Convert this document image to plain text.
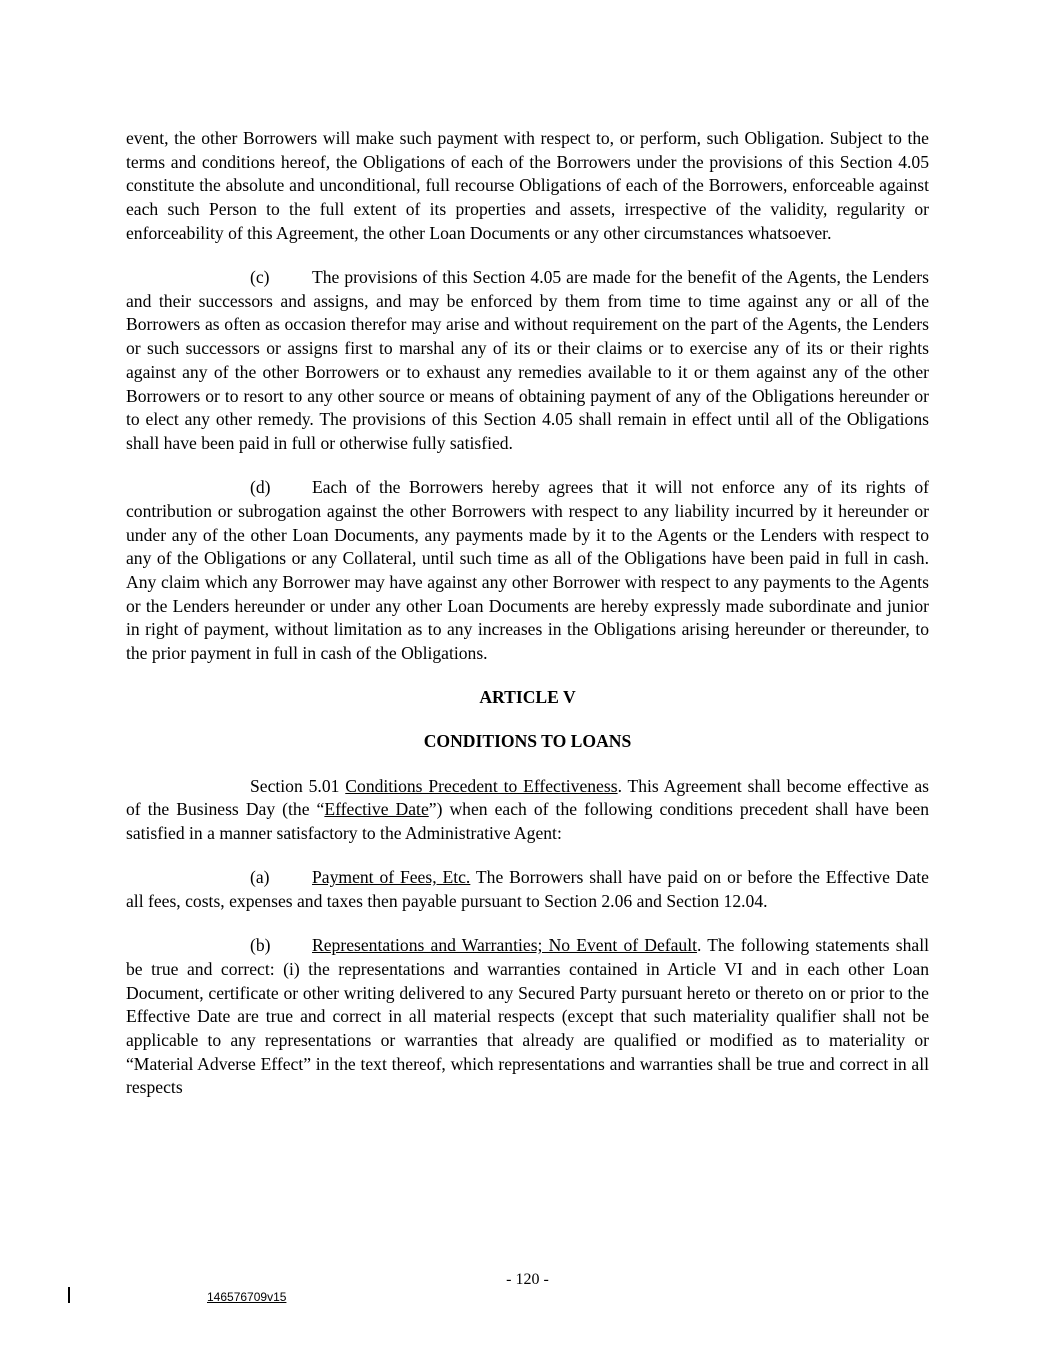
event, the other Borrowers will make such payment with respect to, or perform, such Obligation. Subject to the terms and conditions hereof, the Obligations of each of the Borrowers under the provisions of this Section 4.05 constitute the absolute and unconditional, full recourse Obligations of each of the Borrowers, enforceable against each such Person to the full extent of its properties and assets, irrespective of the validity, regularity or enforceability of this Agreement, the other Loan Documents or any other circumstances whatsoever.

(c) The provisions of this Section 4.05 are made for the benefit of the Agents, the Lenders and their successors and assigns, and may be enforced by them from time to time against any or all of the Borrowers as often as occasion therefor may arise and without requirement on the part of the Agents, the Lenders or such successors or assigns first to marshal any of its or their claims or to exercise any of its or their rights against any of the other Borrowers or to exhaust any remedies available to it or them against any of the other Borrowers or to resort to any other source or means of obtaining payment of any of the Obligations hereunder or to elect any other remedy. The provisions of this Section 4.05 shall remain in effect until all of the Obligations shall have been paid in full or otherwise fully satisfied.

(d) Each of the Borrowers hereby agrees that it will not enforce any of its rights of contribution or subrogation against the other Borrowers with respect to any liability incurred by it hereunder or under any of the other Loan Documents, any payments made by it to the Agents or the Lenders with respect to any of the Obligations or any Collateral, until such time as all of the Obligations have been paid in full in cash. Any claim which any Borrower may have against any other Borrower with respect to any payments to the Agents or the Lenders hereunder or under any other Loan Documents are hereby expressly made subordinate and junior in right of payment, without limitation as to any increases in the Obligations arising hereunder or thereunder, to the prior payment in full in cash of the Obligations.

ARTICLE V

CONDITIONS TO LOANS

Section 5.01 Conditions Precedent to Effectiveness. This Agreement shall become effective as of the Business Day (the “Effective Date”) when each of the following conditions precedent shall have been satisfied in a manner satisfactory to the Administrative Agent:

(a) Payment of Fees, Etc. The Borrowers shall have paid on or before the Effective Date all fees, costs, expenses and taxes then payable pursuant to Section 2.06 and Section 12.04.

(b) Representations and Warranties; No Event of Default. The following statements shall be true and correct: (i) the representations and warranties contained in Article VI and in each other Loan Document, certificate or other writing delivered to any Secured Party pursuant hereto or thereto on or prior to the Effective Date are true and correct in all material respects (except that such materiality qualifier shall not be applicable to any representations or warranties that already are qualified or modified as to materiality or “Material Adverse Effect” in the text thereof, which representations and warranties shall be true and correct in all respects

- 120 -
146576709v15
